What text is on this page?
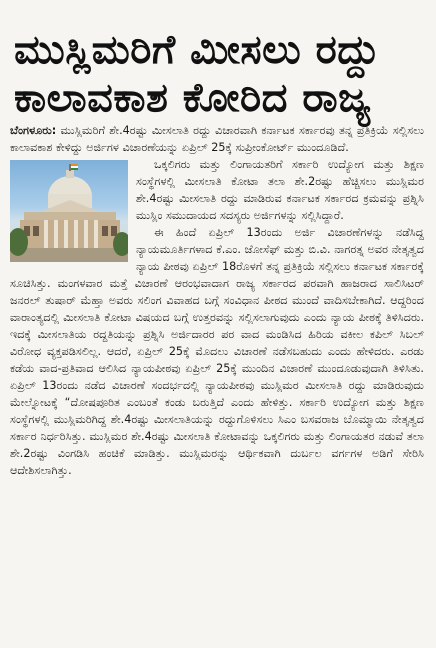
ಮುಸ್ಲಿಮರಿಗೆ ಮೀಸಲು ರದ್ದು
ಕಾಲಾವಕಾಶ ಕೋರಿದ ರಾಜ್ಯ

ಬೆಂಗಳೂರು: ಮುಸ್ಲಿಮರಿಗೆ ಶೇ.4ರಷ್ಟು ಮೀಸಲಾತಿ ರದ್ದು ವಿಚಾರವಾಗಿ ಕರ್ನಾಟಕ ಸರ್ಕಾರವು ತನ್ನ ಪ್ರತಿಕ್ರಿಯೆ ಸಲ್ಲಿಸಲು ಕಾಲಾವಕಾಶ ಕೇಳಿದ್ದು ಅರ್ಜಿಗಳ ವಿಚಾರಣೆಯನ್ನು ಏಪ್ರಿಲ್ 25ಕ್ಕೆ ಸುಪ್ರೀಂಕೋರ್ಟ್ ಮುಂದೂಡಿದೆ.

ಒಕ್ಕಲಿಗರು ಮತ್ತು ಲಿಂಗಾಯತರಿಗೆ ಸರ್ಕಾರಿ ಉದ್ಯೋಗ ಮತ್ತು ಶಿಕ್ಷಣ ಸಂಸ್ಥೆಗಳಲ್ಲಿ ಮೀಸಲಾತಿ ಕೋಟಾ ತಲಾ ಶೇ.2ರಷ್ಟು ಹೆಚ್ಚಿಸಲು ಮುಸ್ಲಿಮರ ಶೇ.4ರಷ್ಟು ಮೀಸಲಾತಿ ರದ್ದು ಮಾಡಿರುವ ಕರ್ನಾಟಕ ಸರ್ಕಾರದ ಕ್ರಮವನ್ನು ಪ್ರಶ್ನಿಸಿ ಮುಸ್ಲಿಂ ಸಮುದಾಯದ ಸದಸ್ಯರು ಅರ್ಜಿಗಳನ್ನು ಸಲ್ಲಿಸಿದ್ದಾರೆ.

ಈ ಹಿಂದೆ ಏಪ್ರಿಲ್ 13ರಂದು ಅರ್ಜಿ ವಿಚಾರಣೆಗಳನ್ನು ನಡೆಸಿದ್ದ ನ್ಯಾಯಮೂರ್ತಿಗಳಾದ ಕೆ.ಎಂ. ಜೋಸೆಫ್ ಮತ್ತು ಬಿ.ವಿ. ನಾಗರತ್ನ ಅವರ ನೇತೃತ್ವದ ನ್ಯಾಯ ಪೀಠವು ಏಪ್ರಿಲ್ 18ರೊಳಗೆ ತನ್ನ ಪ್ರತಿಕ್ರಿಯೆ ಸಲ್ಲಿಸಲು ಕರ್ನಾಟಕ ಸರ್ಕಾರಕ್ಕೆ ಸೂಚಿಸಿತ್ತು. ಮಂಗಳವಾರ ಮತ್ತೆ ವಿಚಾರಣೆ ಆರಂಭವಾದಾಗ ರಾಜ್ಯ ಸರ್ಕಾರದ ಪರವಾಗಿ ಹಾಜರಾದ ಸಾಲಿಸಿಟರ್ ಜನರಲ್ ತುಷಾರ್ ಮೆಹ್ತಾ ಅವರು ಸಲಿಂಗ ವಿವಾಹದ ಬಗ್ಗೆ ಸಂವಿಧಾನ ಪೀಠದ ಮುಂದೆ ವಾದಿಸಬೇಕಾಗಿದೆ. ಆದ್ದರಿಂದ ವಾರಾಂತ್ಯದಲ್ಲಿ ಮೀಸಲಾತಿ ಕೋಟಾ ವಿಷಯದ ಬಗ್ಗೆ ಉತ್ತರವನ್ನು ಸಲ್ಲಿಸಲಾಗುವುದು ಎಂದು ನ್ಯಾಯ ಪೀಠಕ್ಕೆ ತಿಳಿಸಿದರು. ಇದಕ್ಕೆ ಮೀಸಲಾತಿಯ ರದ್ದತಿಯನ್ನು ಪ್ರಶ್ನಿಸಿ ಅರ್ಜಿದಾರರ ಪರ ವಾದ ಮಂಡಿಸಿದ ಹಿರಿಯ ವಕೀಲ ಕಪಿಲ್ ಸಿಬಲ್ ವಿರೋಧ ವ್ಯಕ್ತಪಡಿಸಲಿಲ್ಲ. ಆದರೆ, ಏಪ್ರಿಲ್ 25ಕ್ಕೆ ಮೊದಲು ವಿಚಾರಣೆ ನಡೆಸಬಹುದು ಎಂದು ಹೇಳಿದರು. ಎರಡು ಕಡೆಯ ವಾದ-ಪ್ರತಿವಾದ ಆಲಿಸಿದ ನ್ಯಾಯಪೀಠವು ಏಪ್ರಿಲ್ 25ಕ್ಕೆ ಮುಂದಿನ ವಿಚಾರಣೆ ಮುಂದೂಡುವುದಾಗಿ ತಿಳಿಸಿತು. ಏಪ್ರಿಲ್ 13ರಂದು ನಡೆದ ವಿಚಾರಣೆ ಸಂದರ್ಭದಲ್ಲಿ ನ್ಯಾಯಪೀಠವು ಮುಸ್ಲಿಮರ ಮೀಸಲಾತಿ ರದ್ದು ಮಾಡಿರುವುದು ಮೇಲ್ನೋಟಕ್ಕೆ “ದೋಷಪೂರಿತ ಎಂಬಂತೆ ಕಂಡು ಬರುತ್ತಿದೆ ಎಂದು ಹೇಳಿತ್ತು. ಸರ್ಕಾರಿ ಉದ್ಯೋಗ ಮತ್ತು ಶಿಕ್ಷಣ ಸಂಸ್ಥೆಗಳಲ್ಲಿ ಮುಸ್ಲಿಮರಿಗಿದ್ದ ಶೇ.4ರಷ್ಟು ಮೀಸಲಾತಿಯನ್ನು ರದ್ದುಗೊಳಿಸಲು ಸಿಎಂ ಬಸವರಾಜ ಬೊಮ್ಮಾಯಿ ನೇತೃತ್ವದ ಸರ್ಕಾರ ನಿರ್ಧರಿಸಿತ್ತು. ಮುಸ್ಲಿಮರ ಶೇ.4ರಷ್ಟು ಮೀಸಲಾತಿ ಕೋಟಾವನ್ನು ಒಕ್ಕಲಿಗರು ಮತ್ತು ಲಿಂಗಾಯತರ ನಡುವೆ ತಲಾ ಶೇ.2ರಷ್ಟು ವಿಂಗಡಿಸಿ ಹಂಚಿಕೆ ಮಾಡಿತ್ತು. ಮುಸ್ಲಿಮರನ್ನು ಆರ್ಥಿಕವಾಗಿ ದುರ್ಬಲ ವರ್ಗಗಳ ಅಡಿಗೆ ಸೇರಿಸಿ ಆದೇಶಿಸಲಾಗಿತ್ತು.
